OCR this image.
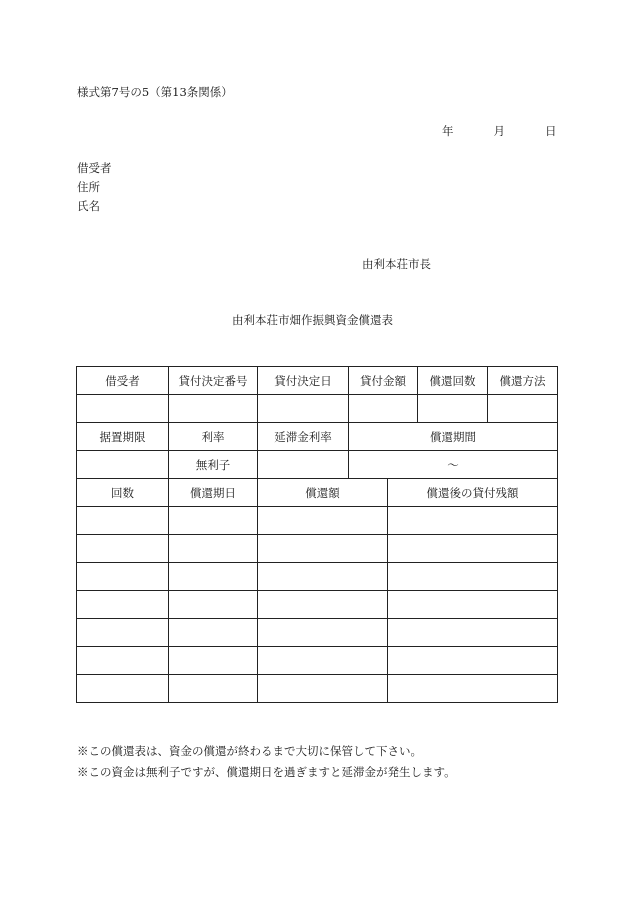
様式第7号の5（第13条関係）
年	月	日
借受者
住所
氏名
由利本荘市長
由利本荘市畑作振興資金償還表
借受者	貸付決定番号	貸付決定日	貸付金額	償還回数	償還方法

据置期限	利率	延滞金利率	償還期間		
	無利子		～		
回数	償還期日	償還額	償還後の貸付残額

※この償還表は、資金の償還が終わるまで大切に保管して下さい。
※この資金は無利子ですが、償還期日を過ぎますと延滞金が発生します。
